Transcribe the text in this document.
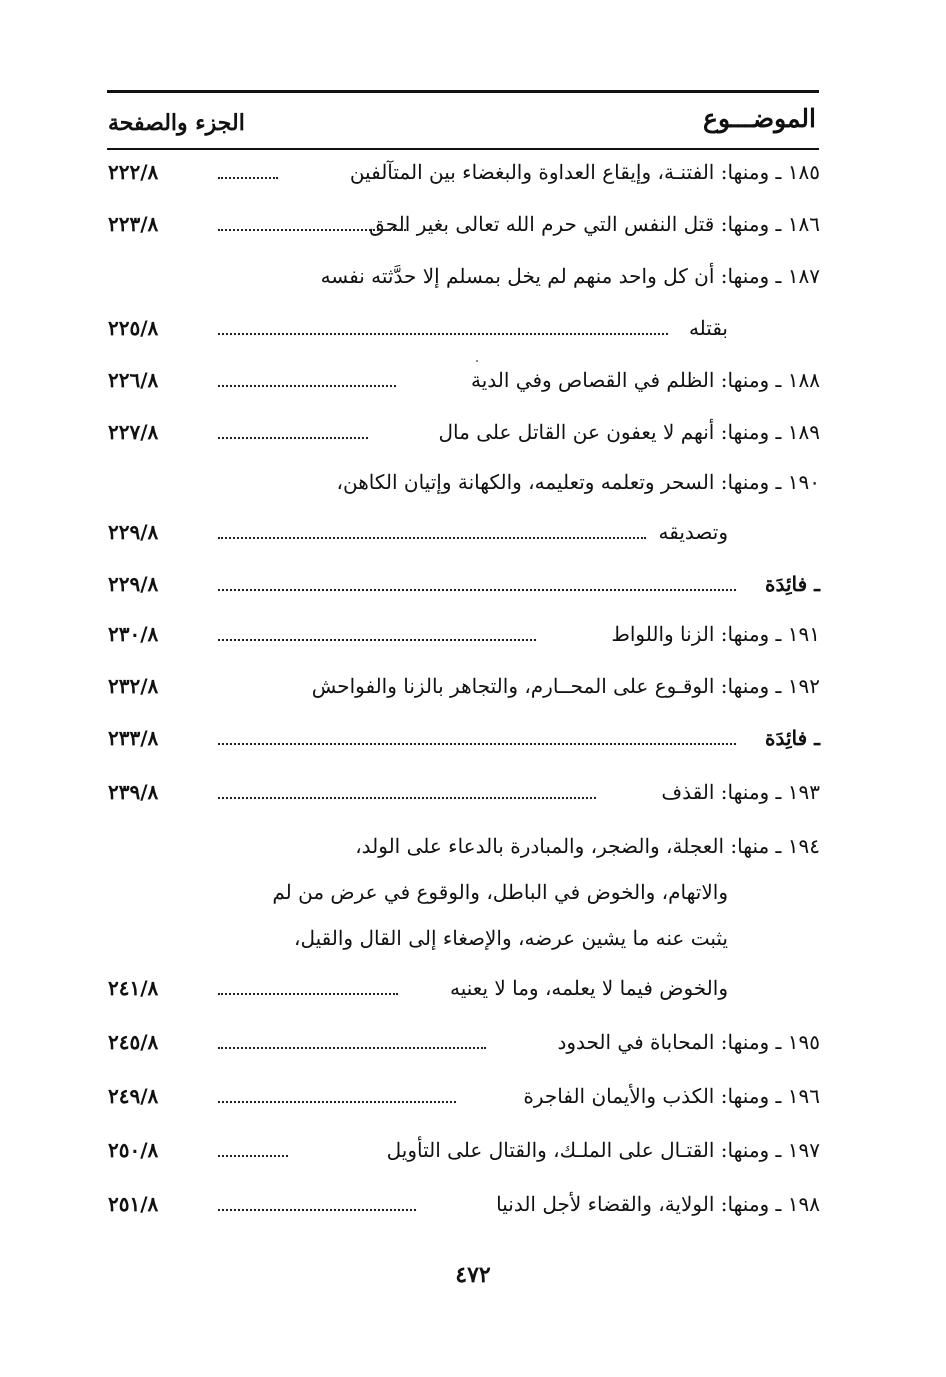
الموضـــوع
الجزء والصفحة
١٨٥ ـ ومنها: الفتنـة، وإيقاع العداوة والبغضاء بين المتآلفين
٢٢٢/٨
١٨٦ ـ ومنها: قتل النفس التي حرم الله تعالى بغير الحق
٢٢٣/٨
١٨٧ ـ ومنها: أن كل واحد منهم لم يخل بمسلم إلا حدَّثته نفسه
بقتله
٢٢٥/٨
١٨٨ ـ ومنها: الظلم في القصاص وفي الدية
٢٢٦/٨
١٨٩ ـ ومنها: أنهم لا يعفون عن القاتل على مال
٢٢٧/٨
١٩٠ ـ ومنها: السحر وتعلمه وتعليمه، والكهانة وإتيان الكاهن،
وتصديقه
٢٢٩/٨
ـ فائِدَة
٢٢٩/٨
١٩١ ـ ومنها: الزنا واللواط
٢٣٠/٨
١٩٢ ـ ومنها: الوقـوع على المحــارم، والتجاهر بالزنا والفواحش
٢٣٢/٨
ـ فائِدَة
٢٣٣/٨
١٩٣ ـ ومنها: القذف
٢٣٩/٨
١٩٤ ـ منها: العجلة، والضجر، والمبادرة بالدعاء على الولد،
والاتهام، والخوض في الباطل، والوقوع في عرض من لم
يثبت عنه ما يشين عرضه، والإصغاء إلى القال والقيل،
والخوض فيما لا يعلمه، وما لا يعنيه
٢٤١/٨
١٩٥ ـ ومنها: المحاباة في الحدود
٢٤٥/٨
١٩٦ ـ ومنها: الكذب والأيمان الفاجرة
٢٤٩/٨
١٩٧ ـ ومنها: القتـال على الملـك، والقتال على التأويل
٢٥٠/٨
١٩٨ ـ ومنها: الولاية، والقضاء لأجل الدنيا
٢٥١/٨
٤٧٢
